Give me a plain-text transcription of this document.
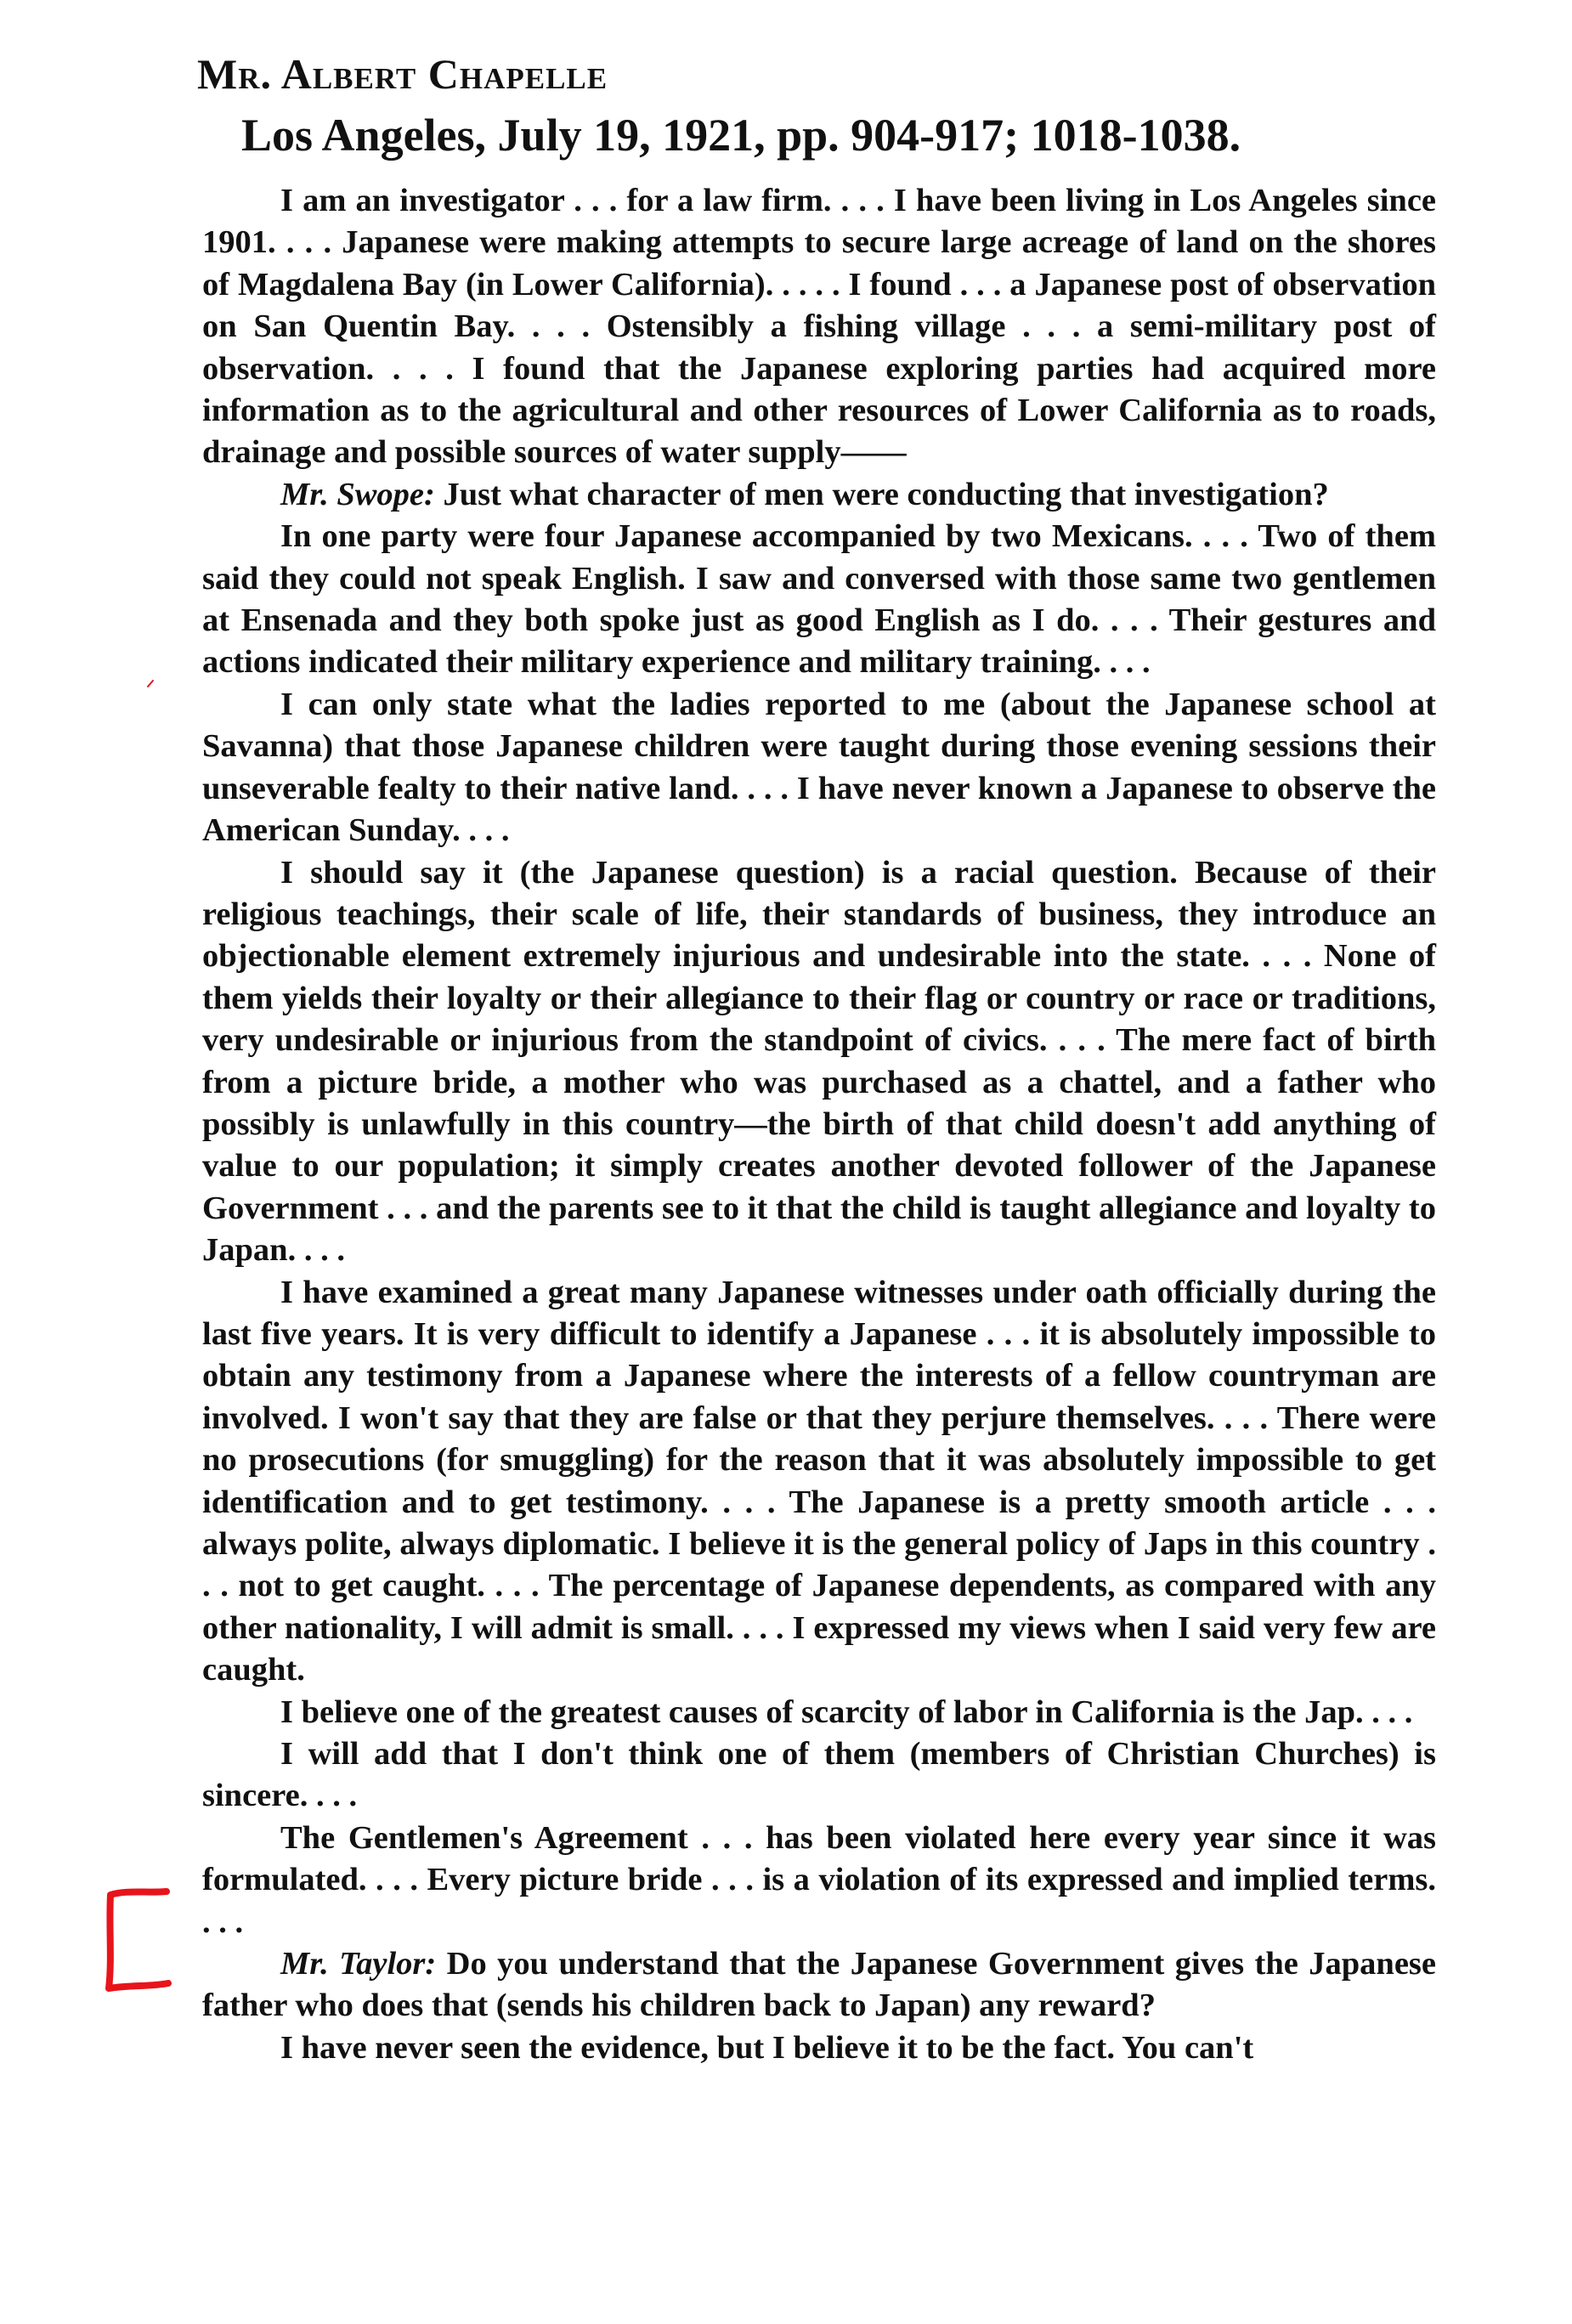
Mr. Albert Chapelle
Los Angeles, July 19, 1921, pp. 904-917; 1018-1038.

I am an investigator . . . for a law firm. . . . I have been living in Los Angeles since 1901. . . . Japanese were making attempts to secure large acreage of land on the shores of Magdalena Bay (in Lower California). . . . . I found . . . a Japanese post of observation on San Quentin Bay. . . . Ostensibly a fishing village . . . a semi-military post of observation. . . . I found that the Japanese exploring parties had acquired more information as to the agricultural and other resources of Lower California as to roads, drainage and possible sources of water supply——

Mr. Swope: Just what character of men were conducting that investigation?

In one party were four Japanese accompanied by two Mexicans. . . . Two of them said they could not speak English. I saw and conversed with those same two gentlemen at Ensenada and they both spoke just as good English as I do. . . . Their gestures and actions indicated their military experience and military training. . . .

I can only state what the ladies reported to me (about the Japanese school at Savanna) that those Japanese children were taught during those evening sessions their unseverable fealty to their native land. . . . I have never known a Japanese to observe the American Sunday. . . .

I should say it (the Japanese question) is a racial question. Because of their religious teachings, their scale of life, their standards of business, they introduce an objectionable element extremely injurious and undesirable into the state. . . . None of them yields their loyalty or their allegiance to their flag or country or race or traditions, very undesirable or injurious from the standpoint of civics. . . . The mere fact of birth from a picture bride, a mother who was purchased as a chattel, and a father who possibly is unlawfully in this country—the birth of that child doesn't add anything of value to our population; it simply creates another devoted follower of the Japanese Government . . . and the parents see to it that the child is taught allegiance and loyalty to Japan. . . .

I have examined a great many Japanese witnesses under oath officially during the last five years. It is very difficult to identify a Japanese . . . it is absolutely impossible to obtain any testimony from a Japanese where the interests of a fellow countryman are involved. I won't say that they are false or that they perjure themselves. . . . There were no prosecutions (for smuggling) for the reason that it was absolutely impossible to get identification and to get testimony. . . . The Japanese is a pretty smooth article . . . always polite, always diplomatic. I believe it is the general policy of Japs in this country . . . not to get caught. . . . The percentage of Japanese dependents, as compared with any other nationality, I will admit is small. . . . I expressed my views when I said very few are caught.

I believe one of the greatest causes of scarcity of labor in California is the Jap. . . .

I will add that I don't think one of them (members of Christian Churches) is sincere. . . .

The Gentlemen's Agreement . . . has been violated here every year since it was formulated. . . . Every picture bride . . . is a violation of its expressed and implied terms. . . .

Mr. Taylor: Do you understand that the Japanese Government gives the Japanese father who does that (sends his children back to Japan) any reward?

I have never seen the evidence, but I believe it to be the fact. You can't
